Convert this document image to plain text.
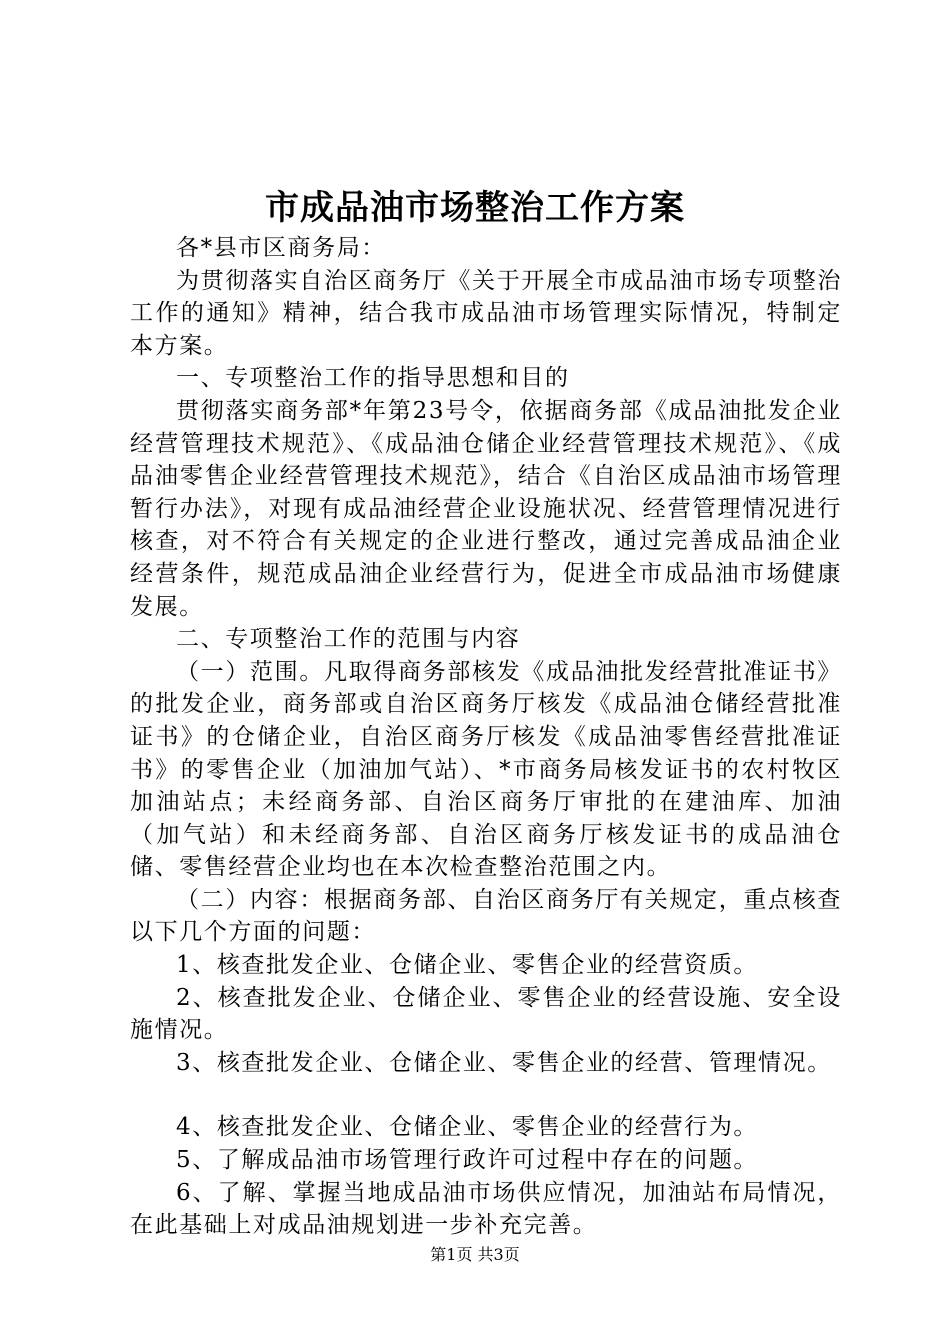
市成品油市场整治工作方案

各*县市区商务局：

为贯彻落实自治区商务厅《关于开展全市成品油市场专项整治工作的通知》精神，结合我市成品油市场管理实际情况，特制定本方案。

一、专项整治工作的指导思想和目的

贯彻落实商务部*年第23号令，依据商务部《成品油批发企业经营管理技术规范》、《成品油仓储企业经营管理技术规范》、《成品油零售企业经营管理技术规范》，结合《自治区成品油市场管理暂行办法》，对现有成品油经营企业设施状况、经营管理情况进行核查，对不符合有关规定的企业进行整改，通过完善成品油企业经营条件，规范成品油企业经营行为，促进全市成品油市场健康发展。

二、专项整治工作的范围与内容

（一）范围。凡取得商务部核发《成品油批发经营批准证书》的批发企业，商务部或自治区商务厅核发《成品油仓储经营批准证书》的仓储企业，自治区商务厅核发《成品油零售经营批准证书》的零售企业（加油加气站）、*市商务局核发证书的农村牧区加油站点；未经商务部、自治区商务厅审批的在建油库、加油（加气站）和未经商务部、自治区商务厅核发证书的成品油仓储、零售经营企业均也在本次检查整治范围之内。

（二）内容：根据商务部、自治区商务厅有关规定，重点核查以下几个方面的问题：

1、核查批发企业、仓储企业、零售企业的经营资质。

2、核查批发企业、仓储企业、零售企业的经营设施、安全设施情况。

3、核查批发企业、仓储企业、零售企业的经营、管理情况。

4、核查批发企业、仓储企业、零售企业的经营行为。

5、了解成品油市场管理行政许可过程中存在的问题。

6、了解、掌握当地成品油市场供应情况，加油站布局情况，在此基础上对成品油规划进一步补充完善。

第1页 共3页
